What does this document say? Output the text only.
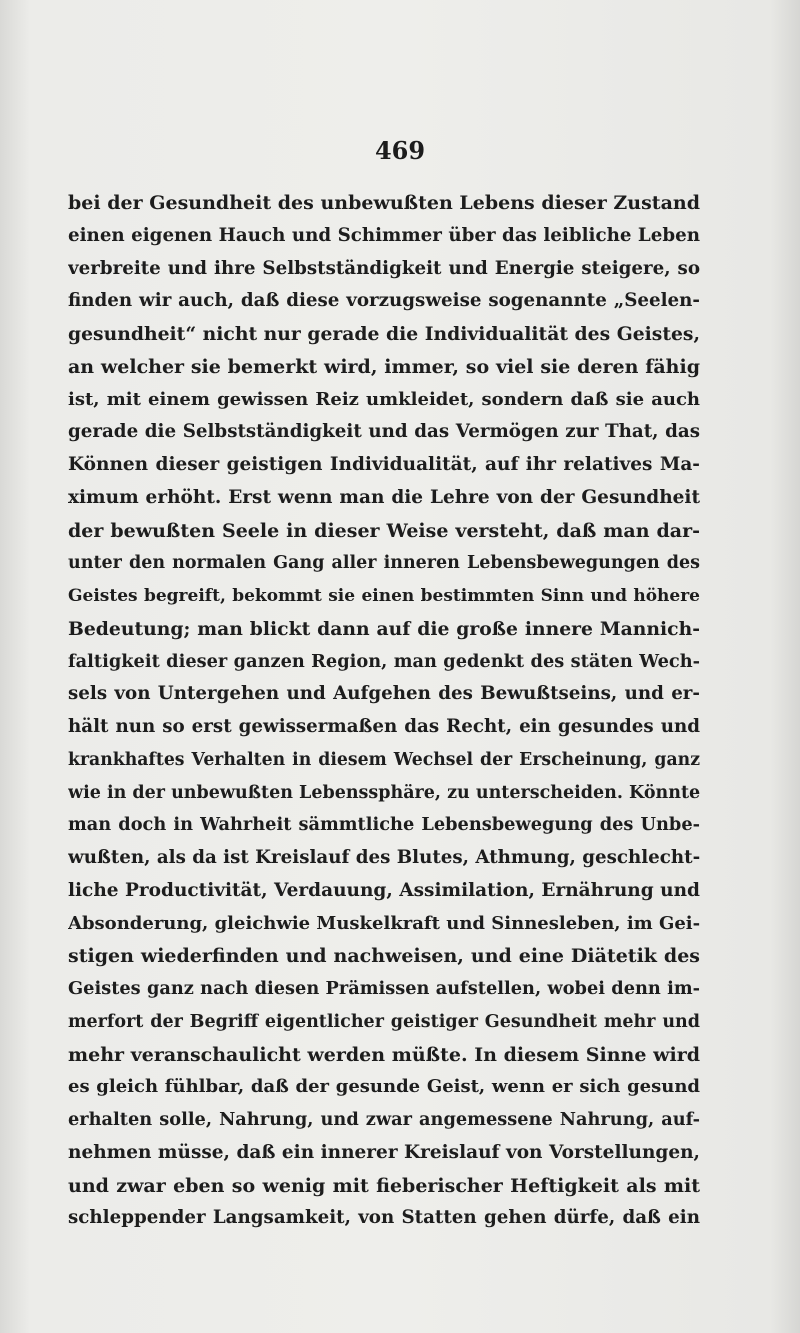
469
bei der Gesundheit des unbewußten Lebens dieser Zustand
einen eigenen Hauch und Schimmer über das leibliche Leben
verbreite und ihre Selbstständigkeit und Energie steigere, so
finden wir auch, daß diese vorzugsweise sogenannte „Seelen-
gesundheit“ nicht nur gerade die Individualität des Geistes,
an welcher sie bemerkt wird, immer, so viel sie deren fähig
ist, mit einem gewissen Reiz umkleidet, sondern daß sie auch
gerade die Selbstständigkeit und das Vermögen zur That, das
Können dieser geistigen Individualität, auf ihr relatives Ma-
ximum erhöht. Erst wenn man die Lehre von der Gesundheit
der bewußten Seele in dieser Weise versteht, daß man dar-
unter den normalen Gang aller inneren Lebensbewegungen des
Geistes begreift, bekommt sie einen bestimmten Sinn und höhere
Bedeutung; man blickt dann auf die große innere Mannich-
faltigkeit dieser ganzen Region, man gedenkt des stäten Wech-
sels von Untergehen und Aufgehen des Bewußtseins, und er-
hält nun so erst gewissermaßen das Recht, ein gesundes und
krankhaftes Verhalten in diesem Wechsel der Erscheinung, ganz
wie in der unbewußten Lebenssphäre, zu unterscheiden. Könnte
man doch in Wahrheit sämmtliche Lebensbewegung des Unbe-
wußten, als da ist Kreislauf des Blutes, Athmung, geschlecht-
liche Productivität, Verdauung, Assimilation, Ernährung und
Absonderung, gleichwie Muskelkraft und Sinnesleben, im Gei-
stigen wiederfinden und nachweisen, und eine Diätetik des
Geistes ganz nach diesen Prämissen aufstellen, wobei denn im-
merfort der Begriff eigentlicher geistiger Gesundheit mehr und
mehr veranschaulicht werden müßte. In diesem Sinne wird
es gleich fühlbar, daß der gesunde Geist, wenn er sich gesund
erhalten solle, Nahrung, und zwar angemessene Nahrung, auf-
nehmen müsse, daß ein innerer Kreislauf von Vorstellungen,
und zwar eben so wenig mit fieberischer Heftigkeit als mit
schleppender Langsamkeit, von Statten gehen dürfe, daß ein
